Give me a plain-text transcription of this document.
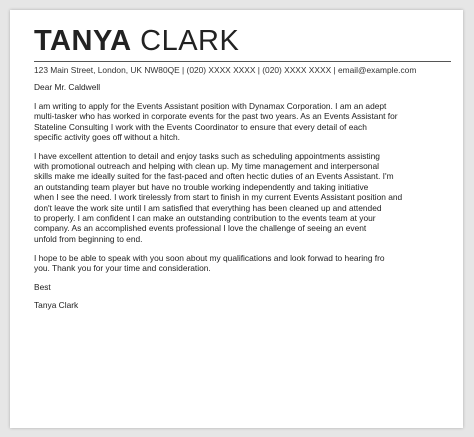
TANYA CLARK
123 Main Street, London, UK NW80QE | (020) XXXX XXXX | (020) XXXX XXXX | email@example.com

Dear Mr. Caldwell

I am writing to apply for the Events Assistant position with Dynamax Corporation. I am an adept
multi-tasker who has worked in corporate events for the past two years. As an Events Assistant for
Stateline Consulting I work with the Events Coordinator to ensure that every detail of each
specific activity goes off without a hitch.

I have excellent attention to detail and enjoy tasks such as scheduling appointments assisting
with promotional outreach and helping with clean up. My time management and interpersonal
skills make me ideally suited for the fast-paced and often hectic duties of an Events Assistant. I'm
an outstanding team player but have no trouble working independently and taking initiative
when I see the need. I work tirelessly from start to finish in my current Events Assistant position and
don't leave the work site until I am satisfied that everything has been cleaned up and attended
to properly. I am confident I can make an outstanding contribution to the events team at your
company. As an accomplished events professional I love the challenge of seeing an event
unfold from beginning to end.

I hope to be able to speak with you soon about my qualifications and look forwad to hearing fro
you. Thank you for your time and consideration.

Best

Tanya Clark
